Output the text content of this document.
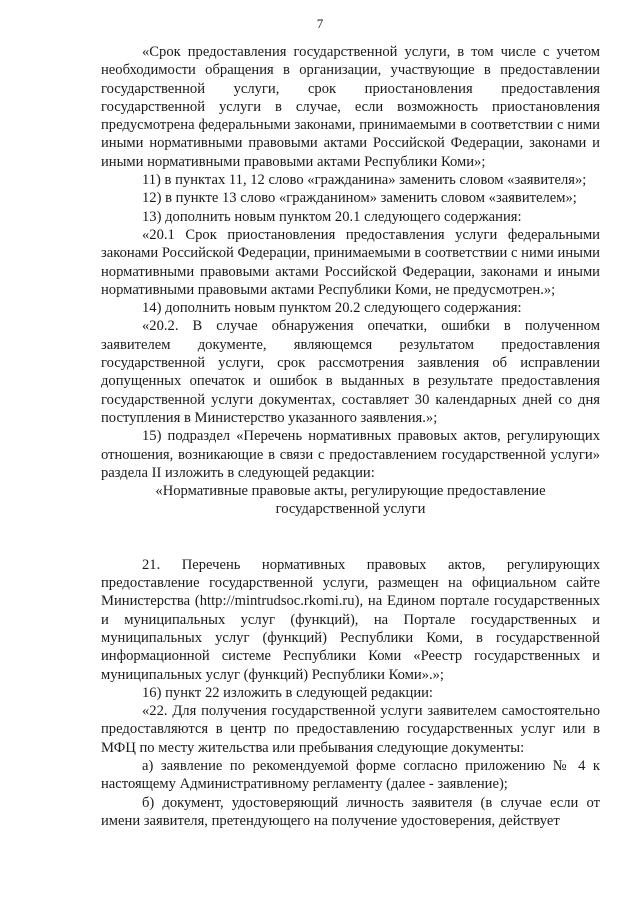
7

«Срок предоставления государственной услуги, в том числе с учетом необходимости обращения в организации, участвующие в предоставлении государственной услуги, срок приостановления предоставления государственной услуги в случае, если возможность приостановления предусмотрена федеральными законами, принимаемыми в соответствии с ними иными нормативными правовыми актами Российской Федерации, законами и иными нормативными правовыми актами Республики Коми»;

11) в пунктах 11, 12 слово «гражданина» заменить словом «заявителя»;

12) в пункте 13 слово «гражданином» заменить словом «заявителем»;

13) дополнить новым пунктом 20.1 следующего содержания:

«20.1 Срок приостановления предоставления услуги федеральными законами Российской Федерации, принимаемыми в соответствии с ними иными нормативными правовыми актами Российской Федерации, законами и иными нормативными правовыми актами Республики Коми, не предусмотрен.»;

14) дополнить новым пунктом 20.2 следующего содержания:

«20.2. В случае обнаружения опечатки, ошибки в полученном заявителем документе, являющемся результатом предоставления государственной услуги, срок рассмотрения заявления об исправлении допущенных опечаток и ошибок в выданных в результате предоставления государственной услуги документах, составляет 30 календарных дней со дня поступления в Министерство указанного заявления.»;

15) подраздел «Перечень нормативных правовых актов, регулирующих отношения, возникающие в связи с предоставлением государственной услуги» раздела II изложить в следующей редакции:

«Нормативные правовые акты, регулирующие предоставление государственной услуги

21. Перечень нормативных правовых актов, регулирующих предоставление государственной услуги, размещен на официальном сайте Министерства (http://mintrudsoc.rkomi.ru), на Едином портале государственных и муниципальных услуг (функций), на Портале государственных и муниципальных услуг (функций) Республики Коми, в государственной информационной системе Республики Коми «Реестр государственных и муниципальных услуг (функций) Республики Коми».»;

16) пункт 22 изложить в следующей редакции:

«22. Для получения государственной услуги заявителем самостоятельно предоставляются в центр по предоставлению государственных услуг или в МФЦ по месту жительства или пребывания следующие документы:

а) заявление по рекомендуемой форме согласно приложению № 4 к настоящему Административному регламенту (далее - заявление);

б) документ, удостоверяющий личность заявителя (в случае если от имени заявителя, претендующего на получение удостоверения, действует
